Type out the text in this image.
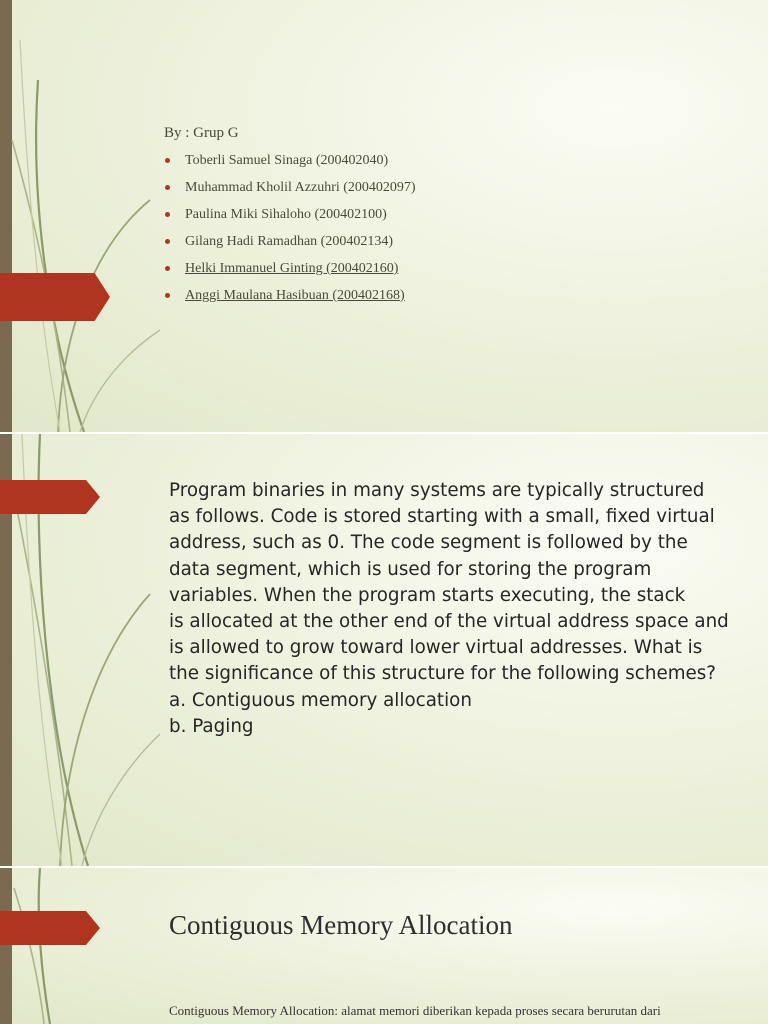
By : Grup G
Toberli Samuel Sinaga (200402040)
Muhammad Kholil Azzuhri (200402097)
Paulina Miki Sihaloho (200402100)
Gilang Hadi Ramadhan (200402134)
Helki Immanuel Ginting (200402160)
Anggi Maulana Hasibuan (200402168)

Program binaries in many systems are typically structured
as follows. Code is stored starting with a small, fixed virtual
address, such as 0. The code segment is followed by the
data segment, which is used for storing the program
variables. When the program starts executing, the stack
is allocated at the other end of the virtual address space and
is allowed to grow toward lower virtual addresses. What is
the significance of this structure for the following schemes?
a. Contiguous memory allocation
b. Paging

Contiguous Memory Allocation

Contiguous Memory Allocation: alamat memori diberikan kepada proses secara berurutan dari
